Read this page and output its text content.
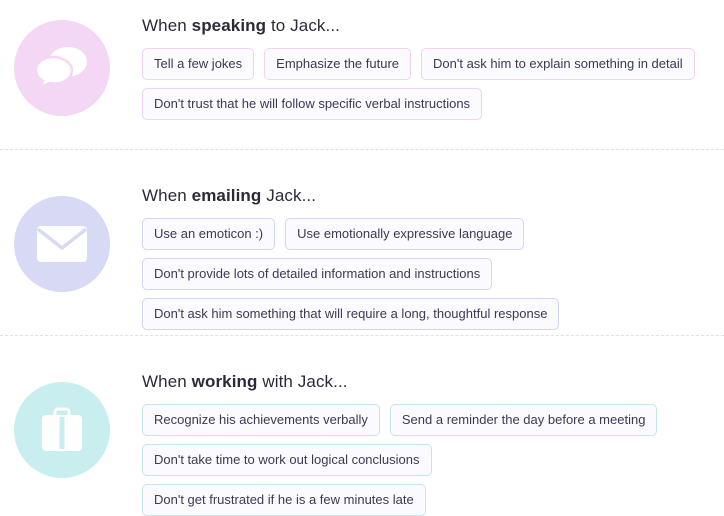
When speaking to Jack...
Tell a few jokes	Emphasize the future	Don't ask him to explain something in detail
Don't trust that he will follow specific verbal instructions
When emailing Jack...
Use an emoticon :)	Use emotionally expressive language
Don't provide lots of detailed information and instructions
Don't ask him something that will require a long, thoughtful response
When working with Jack...
Recognize his achievements verbally	Send a reminder the day before a meeting
Don't take time to work out logical conclusions
Don't get frustrated if he is a few minutes late
